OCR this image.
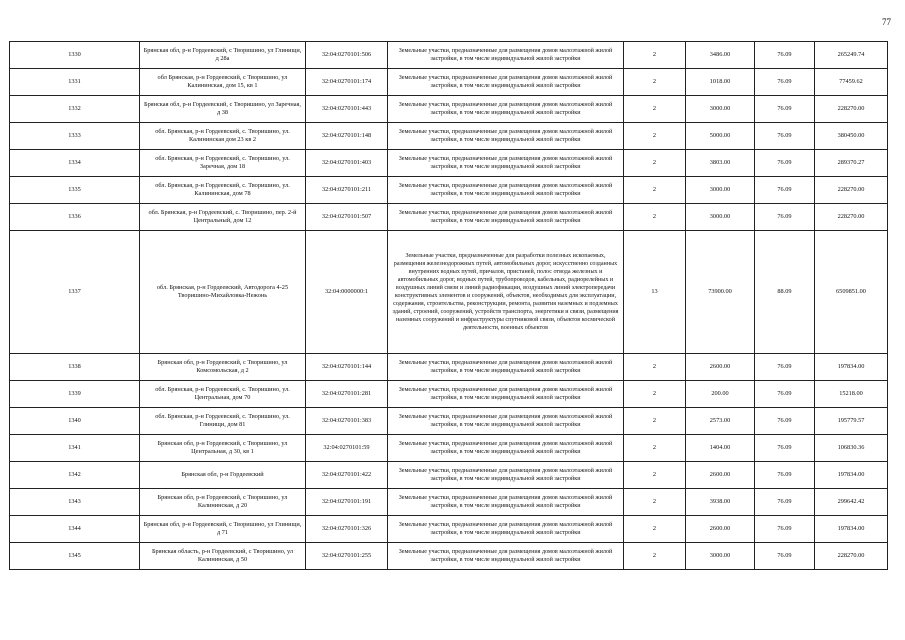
77
1330	Брянская обл, р-н Гордеевский, с Творишино, ул Глинищи, д 28а	32:04:0270101:506	Земельные участки, предназначенные для размещения домов малоэтажной жилой застройки, в том числе индивидуальной жилой застройки	2	3486.00	76.09	265249.74
1331	обл Брянская, р-н Гордеевский, с Творишино, ул Калининская, дом 15, кв 1	32:04:0270101:174	Земельные участки, предназначенные для размещения домов малоэтажной жилой застройки, в том числе индивидуальной жилой застройки	2	1018.00	76.09	77459.62
1332	Брянская обл, р-н Гордеевский, с Творишино, ул Заречная, д 38	32:04:0270101:443	Земельные участки, предназначенные для размещения домов малоэтажной жилой застройки, в том числе индивидуальной жилой застройки	2	3000.00	76.09	228270.00
1333	обл. Брянская, р-н Гордеевский, с. Творишино, ул. Калининская дом 23 кв 2	32:04:0270101:148	Земельные участки, предназначенные для размещения домов малоэтажной жилой застройки, в том числе индивидуальной жилой застройки	2	5000.00	76.09	380450.00
1334	обл. Брянская, р-н Гордеевский, с. Творишино, ул. Заречная, дом 18	32:04:0270101:403	Земельные участки, предназначенные для размещения домов малоэтажной жилой застройки, в том числе индивидуальной жилой застройки	2	3803.00	76.09	289370.27
1335	обл. Брянская, р-н Гордеевский, с. Творишино, ул. Калининская, дом 78	32:04:0270101:211	Земельные участки, предназначенные для размещения домов малоэтажной жилой застройки, в том числе индивидуальной жилой застройки	2	3000.00	76.09	228270.00
1336	обл. Брянская, р-н Гордеевский, с. Творишино, пер. 2-й Центральный, дом 12	32:04:0270101:507	Земельные участки, предназначенные для размещения домов малоэтажной жилой застройки, в том числе индивидуальной жилой застройки	2	3000.00	76.09	228270.00
1337	обл. Брянская, р-н Гордеевский, Автодорога 4-25 Творишино-Михайловка-Нежонь	32:04:0000000:1	Земельные участки, предназначенные для разработки полезных ископаемых, размещения железнодорожных путей, автомобильных дорог, искусственно созданных внутренних водных путей, причалов, пристаней, полос отвода железных и автомобильных дорог, водных путей, трубопроводов, кабельных, радиорелейных и воздушных линий связи и линий радиофикации, воздушных линий электропередачи конструктивных элементов и сооружений, объектов, необходимых для эксплуатации, содержания, строительства, реконструкции, ремонта, развития наземных и подземных зданий, строений, сооружений, устройств транспорта, энергетики и связи, размещения наземных сооружений и инфраструктуры спутниковой связи, объектов космической деятельности, военных объектов	13	73900.00	88.09	6509851.00
1338	Брянская обл, р-н Гордеевский, с Творишино, ул Комсомольская, д 2	32:04:0270101:144	Земельные участки, предназначенные для размещения домов малоэтажной жилой застройки, в том числе индивидуальной жилой застройки	2	2600.00	76.09	197834.00
1339	обл. Брянская, р-н Гордеевский, с. Творишино, ул. Центральная, дом 70	32:04:0270101:281	Земельные участки, предназначенные для размещения домов малоэтажной жилой застройки, в том числе индивидуальной жилой застройки	2	200.00	76.09	15218.00
1340	обл. Брянская, р-н Гордеевский, с. Творишино, ул. Глинищи, дом 81	32:04:0270101:383	Земельные участки, предназначенные для размещения домов малоэтажной жилой застройки, в том числе индивидуальной жилой застройки	2	2573.00	76.09	195779.57
1341	Брянская обл, р-н Гордеевский, с Творишино, ул Центральная, д 30, кв 1	32:04:0270101:59	Земельные участки, предназначенные для размещения домов малоэтажной жилой застройки, в том числе индивидуальной жилой застройки	2	1404.00	76.09	106830.36
1342	Брянская обл, р-н Гордеевский	32:04:0270101:422	Земельные участки, предназначенные для размещения домов малоэтажной жилой застройки, в том числе индивидуальной жилой застройки	2	2600.00	76.09	197834.00
1343	Брянская обл, р-н Гордеевский, с Творишино, ул Калининская, д 20	32:04:0270101:191	Земельные участки, предназначенные для размещения домов малоэтажной жилой застройки, в том числе индивидуальной жилой застройки	2	3938.00	76.09	299642.42
1344	Брянская обл, р-н Гордеевский, с Творишино, ул Глинищи, д 71	32:04:0270101:326	Земельные участки, предназначенные для размещения домов малоэтажной жилой застройки, в том числе индивидуальной жилой застройки	2	2600.00	76.09	197834.00
1345	Брянская область, р-н Гордеевский, с Творишино, ул Калининская, д 50	32:04:0270101:255	Земельные участки, предназначенные для размещения домов малоэтажной жилой застройки, в том числе индивидуальной жилой застройки	2	3000.00	76.09	228270.00
